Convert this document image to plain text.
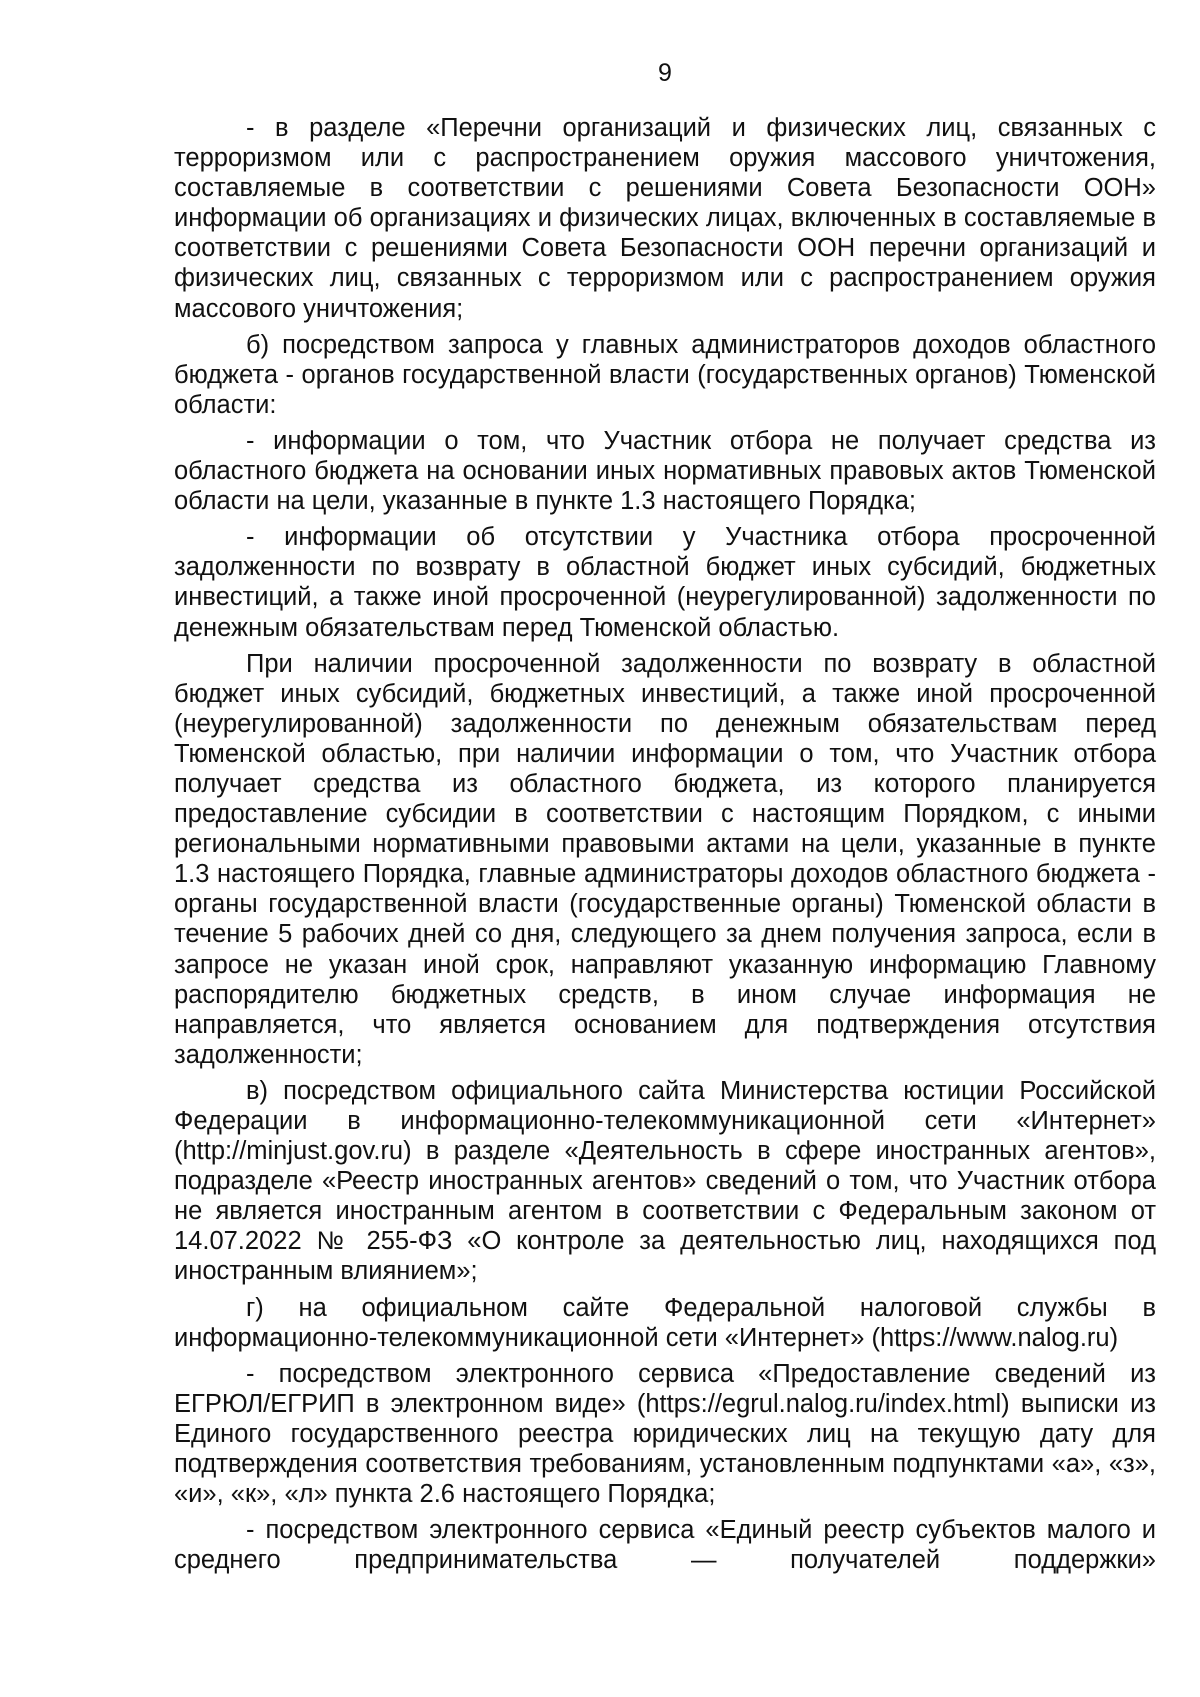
9

- в разделе «Перечни организаций и физических лиц, связанных с терроризмом или с распространением оружия массового уничтожения, составляемые в соответствии с решениями Совета Безопасности ООН» информации об организациях и физических лицах, включенных в составляемые в соответствии с решениями Совета Безопасности ООН перечни организаций и физических лиц, связанных с терроризмом или с распространением оружия массового уничтожения;

б) посредством запроса у главных администраторов доходов областного бюджета - органов государственной власти (государственных органов) Тюменской области:

- информации о том, что Участник отбора не получает средства из областного бюджета на основании иных нормативных правовых актов Тюменской области на цели, указанные в пункте 1.3 настоящего Порядка;

- информации об отсутствии у Участника отбора просроченной задолженности по возврату в областной бюджет иных субсидий, бюджетных инвестиций, а также иной просроченной (неурегулированной) задолженности по денежным обязательствам перед Тюменской областью.

При наличии просроченной задолженности по возврату в областной бюджет иных субсидий, бюджетных инвестиций, а также иной просроченной (неурегулированной) задолженности по денежным обязательствам перед Тюменской областью, при наличии информации о том, что Участник отбора получает средства из областного бюджета, из которого планируется предоставление субсидии в соответствии с настоящим Порядком, с иными региональными нормативными правовыми актами на цели, указанные в пункте 1.3 настоящего Порядка, главные администраторы доходов областного бюджета - органы государственной власти (государственные органы) Тюменской области в течение 5 рабочих дней со дня, следующего за днем получения запроса, если в запросе не указан иной срок, направляют указанную информацию Главному распорядителю бюджетных средств, в ином случае информация не направляется, что является основанием для подтверждения отсутствия задолженности;

в) посредством официального сайта Министерства юстиции Российской Федерации в информационно-телекоммуникационной сети «Интернет» (http://minjust.gov.ru) в разделе «Деятельность в сфере иностранных агентов», подразделе «Реестр иностранных агентов» сведений о том, что Участник отбора не является иностранным агентом в соответствии с Федеральным законом от 14.07.2022 № 255-ФЗ «О контроле за деятельностью лиц, находящихся под иностранным влиянием»;

г) на официальном сайте Федеральной налоговой службы в информационно-телекоммуникационной сети «Интернет» (https://www.nalog.ru)

- посредством электронного сервиса «Предоставление сведений из ЕГРЮЛ/ЕГРИП в электронном виде» (https://egrul.nalog.ru/index.html) выписки из Единого государственного реестра юридических лиц на текущую дату для подтверждения соответствия требованиям, установленным подпунктами «а», «з», «и», «к», «л» пункта 2.6 настоящего Порядка;

- посредством электронного сервиса «Единый реестр субъектов малого и среднего предпринимательства — получателей поддержки»
